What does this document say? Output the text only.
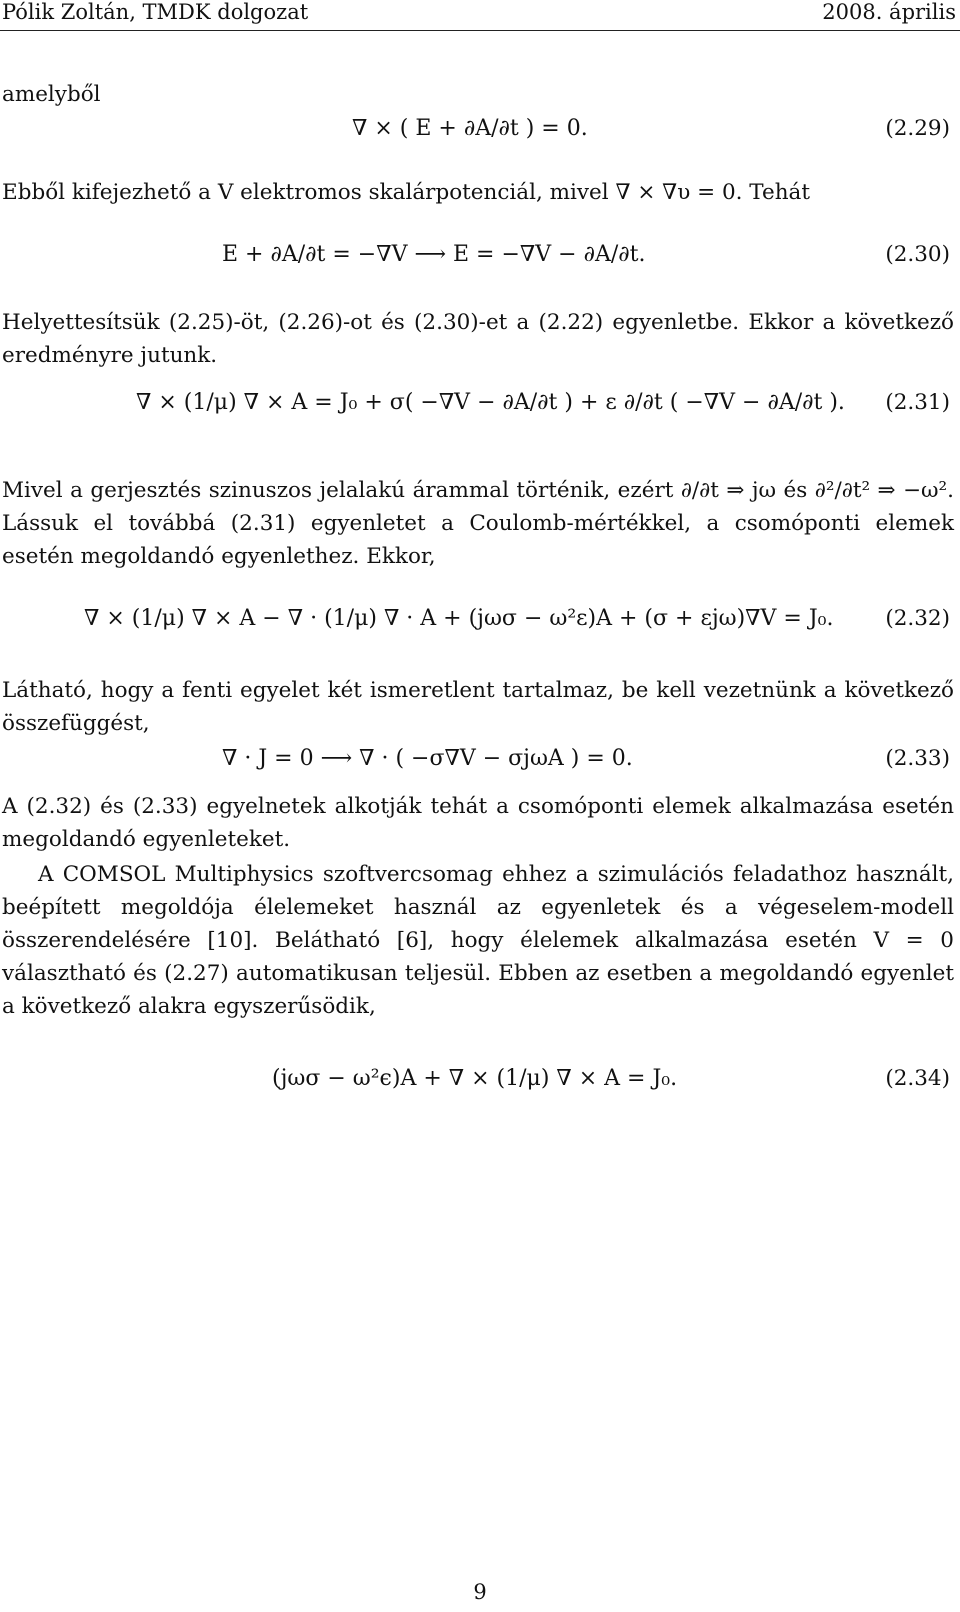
Pólik Zoltán, TMDK dolgozat	2008. április
amelyből
∇ × ( E + ∂A/∂t ) = 0.	(2.29)
Ebből kifejezhető a V elektromos skalárpotenciál, mivel ∇ × ∇υ = 0. Tehát
E + ∂A/∂t = −∇V ⟶ E = −∇V − ∂A/∂t.	(2.30)
Helyettesítsük (2.25)-öt, (2.26)-ot és (2.30)-et a (2.22) egyenletbe. Ekkor a következő eredményre jutunk.
∇ × (1/μ) ∇ × A = J₀ + σ( −∇V − ∂A/∂t ) + ε ∂/∂t ( −∇V − ∂A/∂t ). (2.31)
Mivel a gerjesztés szinuszos jelalakú árammal történik, ezért ∂/∂t ⇒ jω és ∂²/∂t² ⇒ −ω². Lássuk el továbbá (2.31) egyenletet a Coulomb-mértékkel, a csomóponti elemek esetén megoldandó egyenlethez. Ekkor,
∇ × (1/μ) ∇ × A − ∇ · (1/μ) ∇ · A + (jωσ − ω²ε)A + (σ + εjω)∇V = J₀. (2.32)
Látható, hogy a fenti egyelet két ismeretlent tartalmaz, be kell vezetnünk a következő összefüggést,
∇ · J = 0 ⟶ ∇ · ( −σ∇V − σjωA ) = 0.	(2.33)
A (2.32) és (2.33) egyelnetek alkotják tehát a csomóponti elemek alkalmazása esetén megoldandó egyenleteket.
A COMSOL Multiphysics szoftvercsomag ehhez a szimulációs feladathoz használt, beépített megoldója élelemeket használ az egyenletek és a végeselem-modell összerendelésére [10]. Belátható [6], hogy élelemek alkalmazása esetén V = 0 választható és (2.27) automatikusan teljesül. Ebben az esetben a megoldandó egyenlet a következő alakra egyszerűsödik,
(jωσ − ω²ϵ)A + ∇ × (1/μ) ∇ × A = J₀.	(2.34)
9
